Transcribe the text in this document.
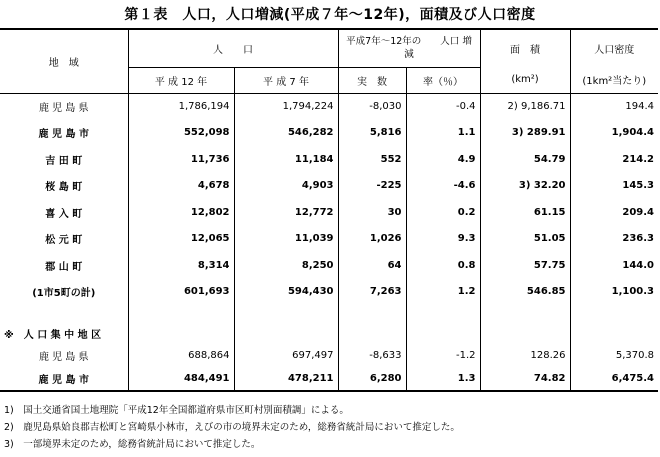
第１表　人口，人口増減(平成７年～12年)，面積及び人口密度
地　域	人　　口		平成7年～12年の　　人口 増 減		面　積	人口密度
	平 成 12 年	平 成 7 年	実　数	率（％）	(km²)	(1km²当たり)
鹿 児 島 県	1,786,194	1,794,224	-8,030	-0.4	2) 9,186.71	194.4
鹿 児 島 市	552,098	546,282	5,816	1.1	3) 289.91	1,904.4
吉 田 町	11,736	11,184	552	4.9	54.79	214.2
桜 島 町	4,678	4,903	-225	-4.6	3) 32.20	145.3
喜 入 町	12,802	12,772	30	0.2	61.15	209.4
松 元 町	12,065	11,039	1,026	9.3	51.05	236.3
郡 山 町	8,314	8,250	64	0.8	57.75	144.0
(1市5町の計)	601,693	594,430	7,263	1.2	546.85	1,100.3

※　人 口 集 中 地 区						
鹿 児 島 県	688,864	697,497	-8,633	-1.2	128.26	5,370.8
鹿 児 島 市	484,491	478,211	6,280	1.3	74.82	6,475.4
1)　国土交通省国土地理院「平成12年全国都道府県市区町村別面積調」による。
2)　鹿児島県姶良郡吉松町と宮崎県小林市，えびの市の境界未定のため，総務省統計局において推定した。
3)　一部境界未定のため，総務省統計局において推定した。
